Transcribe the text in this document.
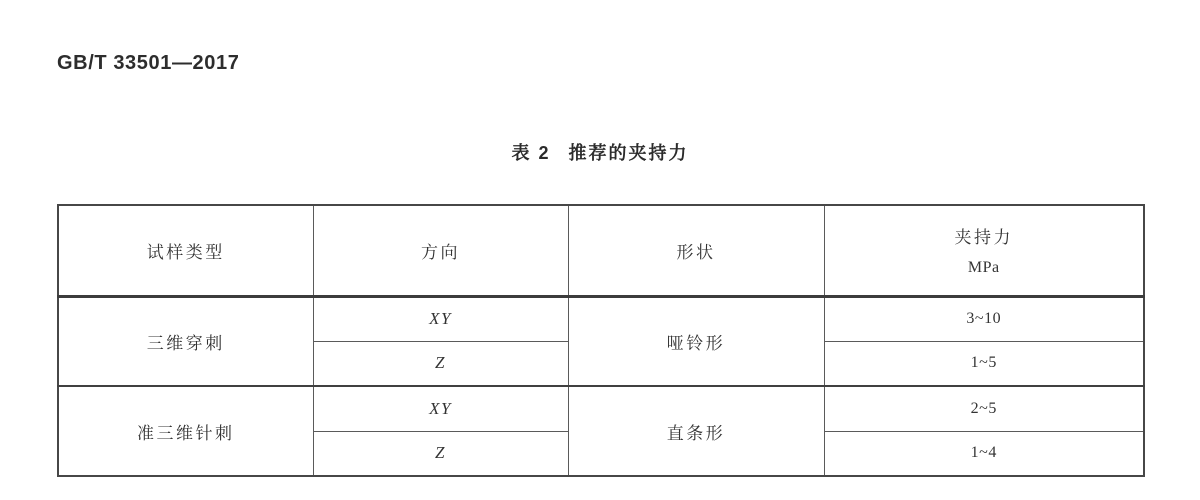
GB/T 33501—2017
表 2 推荐的夹持力
试样类型	方向	形状	夹持力
MPa

三维穿刺	XY	哑铃形	3~10
	Z		1~5
准三维针刺	XY	直条形	2~5
	Z		1~4
